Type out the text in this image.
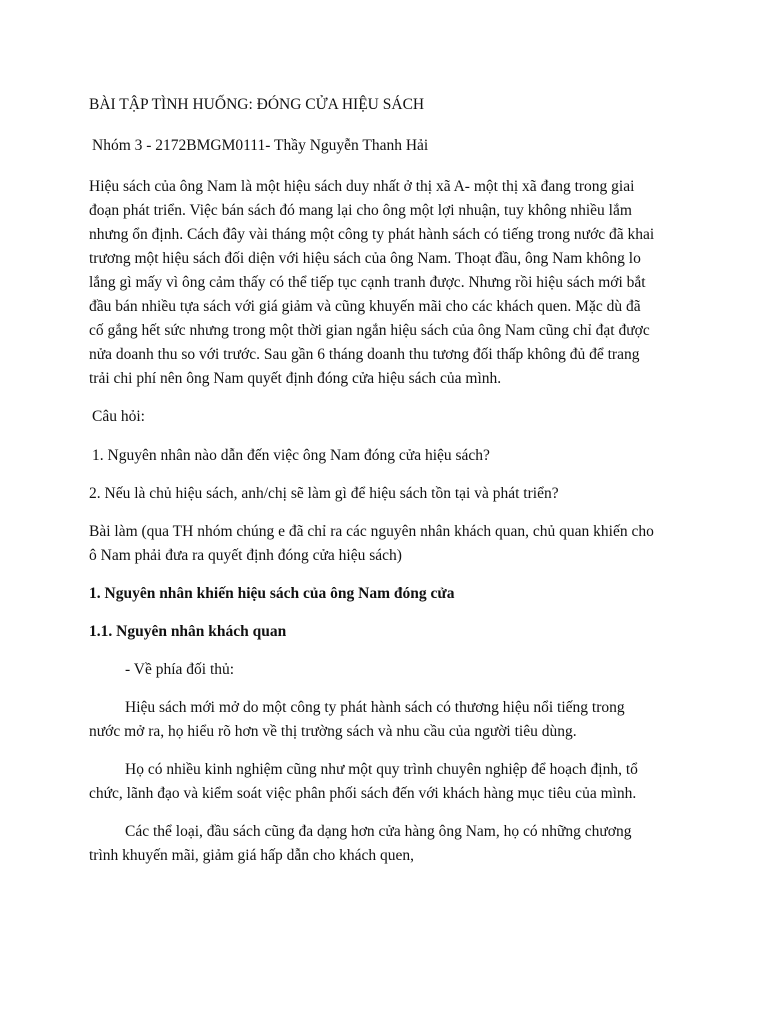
BÀI TẬP TÌNH HUỐNG: ĐÓNG CỬA HIỆU SÁCH

Nhóm 3 - 2172BMGM0111- Thầy Nguyễn Thanh Hải

Hiệu sách của ông Nam là một hiệu sách duy nhất ở thị xã A- một thị xã đang trong giai đoạn phát triển. Việc bán sách đó mang lại cho ông một lợi nhuận, tuy không nhiều lắm nhưng ổn định. Cách đây vài tháng một công ty phát hành sách có tiếng trong nước đã khai trương một hiệu sách đối diện với hiệu sách của ông Nam. Thoạt đầu, ông Nam không lo lắng gì mấy vì ông cảm thấy có thể tiếp tục cạnh tranh được. Nhưng rồi hiệu sách mới bắt đầu bán nhiều tựa sách với giá giảm và cũng khuyến mãi cho các khách quen. Mặc dù đã cố gắng hết sức nhưng trong một thời gian ngắn hiệu sách của ông Nam cũng chỉ đạt được nửa doanh thu so với trước. Sau gần 6 tháng doanh thu tương đối thấp không đủ để trang trải chi phí nên ông Nam quyết định đóng cửa hiệu sách của mình.

Câu hỏi:

1. Nguyên nhân nào dẫn đến việc ông Nam đóng cửa hiệu sách?

2. Nếu là chủ hiệu sách, anh/chị sẽ làm gì để hiệu sách tồn tại và phát triển?

Bài làm (qua TH nhóm chúng e đã chỉ ra các nguyên nhân khách quan, chủ quan khiến cho ô Nam phải đưa ra quyết định đóng cửa hiệu sách)

1. Nguyên nhân khiến hiệu sách của ông Nam đóng cửa

1.1. Nguyên nhân khách quan

- Về phía đối thủ:

Hiệu sách mới mở do một công ty phát hành sách có thương hiệu nổi tiếng trong nước mở ra, họ hiểu rõ hơn về thị trường sách và nhu cầu của người tiêu dùng.

Họ có nhiều kinh nghiệm cũng như một quy trình chuyên nghiệp để hoạch định, tổ chức, lãnh đạo và kiểm soát việc phân phối sách đến với khách hàng mục tiêu của mình.

Các thể loại, đầu sách cũng đa dạng hơn cửa hàng ông Nam, họ có những chương trình khuyến mãi, giảm giá hấp dẫn cho khách quen,
